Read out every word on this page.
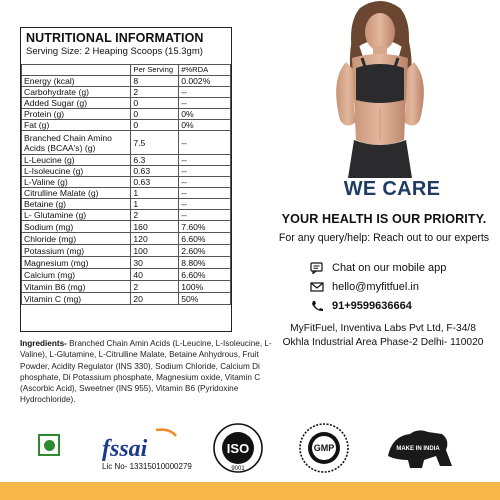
NUTRITIONAL INFORMATION
Serving Size: 2 Heaping Scoops (15.3gm)
	Per Serving	#%RDA
Energy (kcal)	8	0.002%
Carbohydrate (g)	2	--
Added Sugar (g)	0	--
Protein (g)	0	0%
Fat (g)	0	0%
Branched Chain Amino Acids (BCAA's) (g)	7.5	--
L-Leucine (g)	6.3	--
L-Isoleucine (g)	0.63	--
L-Valine (g)	0.63	--
Citrulline Malate (g)	1	--
Betaine (g)	1	--
L- Glutamine (g)	2	--
Sodium (mg)	160	7.60%
Chloride (mg)	120	6.60%
Potassium (mg)	100	2.60%
Magnesium (mg)	30	8.80%
Calcium (mg)	40	6.60%
Vitamin B6 (mg)	2	100%
Vitamin C (mg)	20	50%
Ingredients- Branched Chain Amin Acids (L-Leucine, L-Isoleucine, L-Valine), L-Glutamine, L-Citrulline Malate, Betaine Anhydrous, Fruit Powder, Acidity Regulator (INS 330), Sodium Chloride, Calcium Di phosphate, Di Potassium phosphate, Magnesium oxide, Vitamin C (Ascorbic Acid), Sweetner (INS 955), Vitamin B6 (Pyridoxine Hydrochloride).
WE CARE
YOUR HEALTH IS OUR PRIORITY.
For any query/help: Reach out to our experts
Chat on our mobile app
hello@myfitfuel.in
91+9599636664
MyFitFuel, Inventiva Labs Pvt Ltd, F-34/8
Okhla Industrial Area Phase-2 Delhi- 110020
fssai
Lic No- 13315010000279
ISO
9001
GMP	MAKE IN INDIA
